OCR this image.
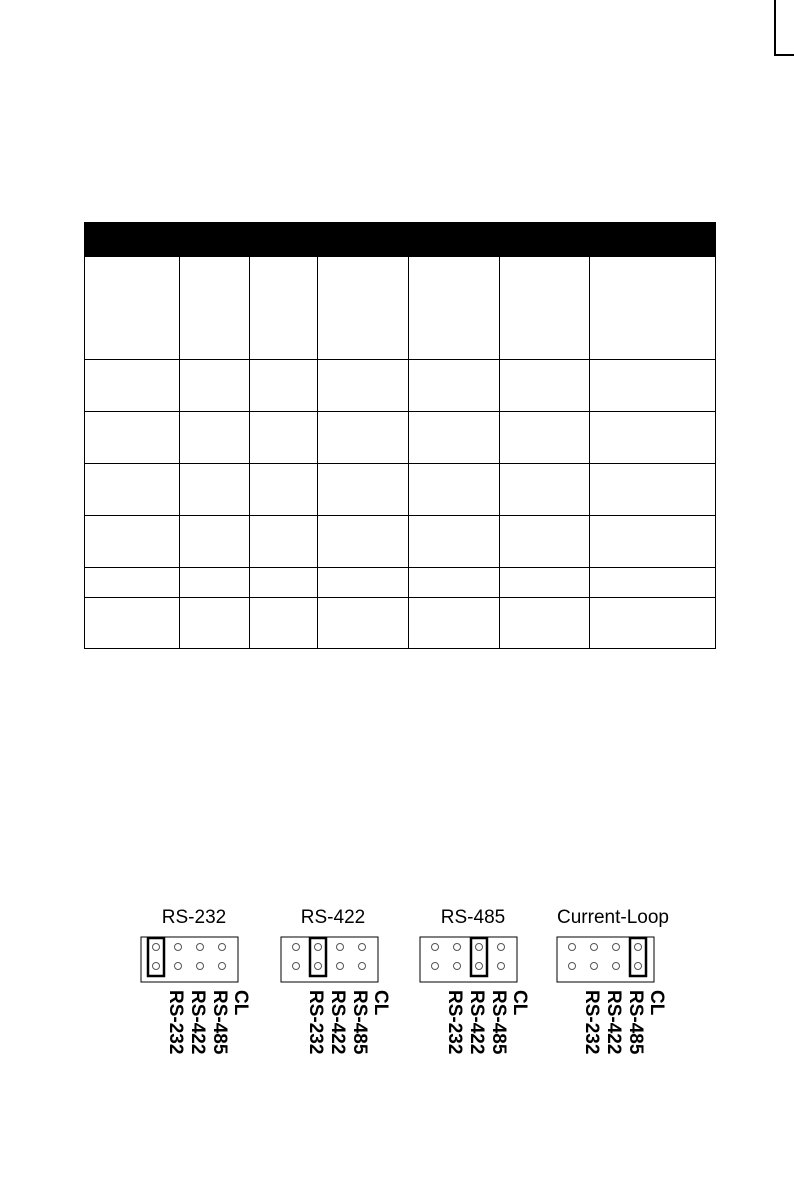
RS-232
RS-232 RS-422 RS-485 CL
RS-422
RS-232 RS-422 RS-485 CL
RS-485
RS-232 RS-422 RS-485 CL
Current-Loop
RS-232 RS-422 RS-485 CL
